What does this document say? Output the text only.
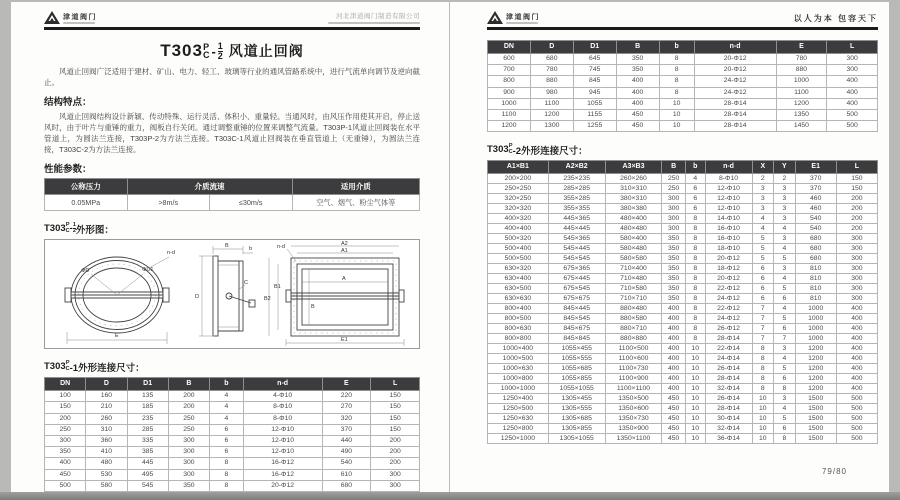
津道阀门	河北津道阀门制造有限公司
T303 P
C - $\frac{1}{2}$ 风道止回阀

风道止回阀广泛适用于建材、矿山、电力、轻工、玻璃等行业的通风管路系统中，进行气流单向调节及逆向截止。

结构特点：

风道止回阀结构设计新颖、传动特殊、运行灵活、体积小、重量轻。当通风时，由风压作用使其开启，停止送风时，由于叶片与重锤的重力，阀板自行关闭。通过调整重锤的位置来调整气流量。T303P-1风道止回阀装在水平管道上，为圆法兰连接，T303P-2为方法兰连接。T303C-1风道止回阀装在垂直管道上（无重锤），为圆法兰连接，T303C-2为方法兰连接。

性能参数：
公称压力	介质流速		适用介质
0.05MPa	>8m/s	≤30m/s	空气、烟气、粉尘气体等
T303 P
C - $\frac{1}{2}$ 外形图：
ΦD	ΦD1
n-d
E
B	b
D
C
A2
A1
A
B2
B1
B
n-d
E1
T303 P
C -1外形连接尺寸：
DN	D	D1	B	b	n-d	E	L
100	160	135	200	4	4-Φ10	220	150
150	210	185	200	4	8-Φ10	270	150
200	260	235	250	4	8-Φ10	320	150
250	310	285	250	6	12-Φ10	370	150
300	360	335	300	6	12-Φ10	440	200
350	410	385	300	6	12-Φ10	490	200
400	480	445	300	8	16-Φ12	540	200
450	530	495	300	8	16-Φ12	610	300
500	580	545	350	8	20-Φ12	680	300
津道阀门	以人为本 包容天下
DN	D	D1	B	b	n-d	E	L
600	680	645	350	8	20-Φ12	780	300
700	780	745	350	8	20-Φ12	880	300
800	880	845	400	8	24-Φ12	1000	400
900	980	945	400	8	24-Φ12	1100	400
1000	1100	1055	400	10	28-Φ14	1200	400
1100	1200	1155	450	10	28-Φ14	1350	500
1200	1300	1255	450	10	28-Φ14	1450	500
T303 P
C -2外形连接尺寸：
A1×B1	A2×B2	A3×B3	B	b	n-d	X	Y	E1	L
200×200	235×235	260×260	250	4	8-Φ10	2	2	370	150
250×250	285×285	310×310	250	6	12-Φ10	3	3	370	150
320×250	355×285	380×310	300	6	12-Φ10	3	3	460	200
320×320	355×355	380×380	300	6	12-Φ10	3	3	460	200
400×320	445×365	480×400	300	8	14-Φ10	4	3	540	200
400×400	445×445	480×480	300	8	16-Φ10	4	4	540	200
500×320	545×365	580×400	350	8	16-Φ10	5	3	680	300
500×400	545×445	580×480	350	8	18-Φ10	5	4	680	300
500×500	545×545	580×580	350	8	20-Φ12	5	5	680	300
630×320	675×365	710×400	350	8	18-Φ12	6	3	810	300
630×400	675×445	710×480	350	8	20-Φ12	6	4	810	300
630×500	675×545	710×580	350	8	22-Φ12	6	5	810	300
630×630	675×675	710×710	350	8	24-Φ12	6	6	810	300
800×400	845×445	880×480	400	8	22-Φ12	7	4	1000	400
800×500	845×545	880×580	400	8	24-Φ12	7	5	1000	400
800×630	845×675	880×710	400	8	26-Φ12	7	6	1000	400
800×800	845×845	880×880	400	8	28-Φ14	7	7	1000	400
1000×400	1055×455	1100×500	400	10	22-Φ14	8	3	1200	400
1000×500	1055×555	1100×600	400	10	24-Φ14	8	4	1200	400
1000×630	1055×685	1100×730	400	10	26-Φ14	8	5	1200	400
1000×800	1055×855	1100×900	400	10	28-Φ14	8	6	1200	400
1000×1000	1055×1055	1100×1100	400	10	32-Φ14	8	8	1200	400
1250×400	1305×455	1350×500	450	10	26-Φ14	10	3	1500	500
1250×500	1305×555	1350×600	450	10	28-Φ14	10	4	1500	500
1250×630	1305×685	1350×730	450	10	30-Φ14	10	5	1500	500
1250×800	1305×855	1350×900	450	10	32-Φ14	10	6	1500	500
1250×1000	1305×1055	1350×1100	450	10	36-Φ14	10	8	1500	500
79/80
